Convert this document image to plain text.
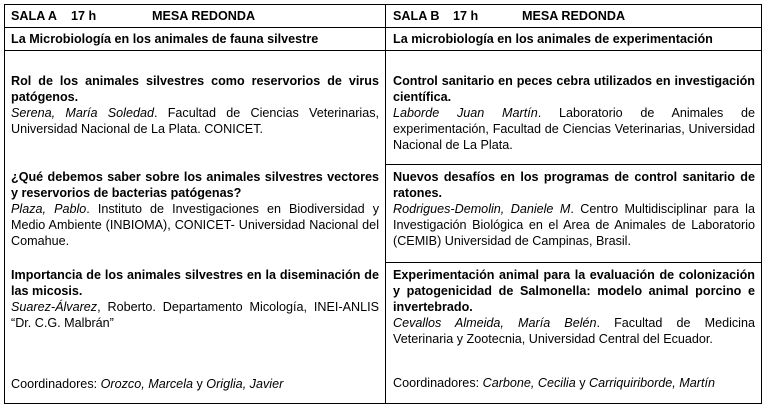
SALA A 17 h	MESA REDONDA
La Microbiología en los animales de fauna silvestre
Rol de los animales silvestres como reservorios de virus patógenos.
Serena, María Soledad. Facultad de Ciencias Veterinarias, Universidad Nacional de La Plata. CONICET.
¿Qué debemos saber sobre los animales silvestres vectores y reservorios de bacterias patógenas?
Plaza, Pablo. Instituto de Investigaciones en Biodiversidad y Medio Ambiente (INBIOMA), CONICET- Universidad Nacional del Comahue.
Importancia de los animales silvestres en la diseminación de las micosis.
Suarez-Álvarez, Roberto. Departamento Micología, INEI-ANLIS “Dr. C.G. Malbrán”
Coordinadores: Orozco, Marcela y Origlia, Javier
SALA B 17 h	MESA REDONDA
La microbiología en los animales de experimentación
Control sanitario en peces cebra utilizados en investigación científica.
Laborde Juan Martín. Laboratorio de Animales de experimentación, Facultad de Ciencias Veterinarias, Universidad Nacional de La Plata.
Nuevos desafíos en los programas de control sanitario de ratones.
Rodrigues-Demolin, Daniele M. Centro Multidisciplinar para la Investigación Biológica en el Area de Animales de Laboratorio (CEMIB) Universidad de Campinas, Brasil.
Experimentación animal para la evaluación de colonización y patogenicidad de Salmonella: modelo animal porcino e invertebrado.
Cevallos Almeida, María Belén. Facultad de Medicina Veterinaria y Zootecnia, Universidad Central del Ecuador.
Coordinadores: Carbone, Cecilia y Carriquiriborde, Martín
